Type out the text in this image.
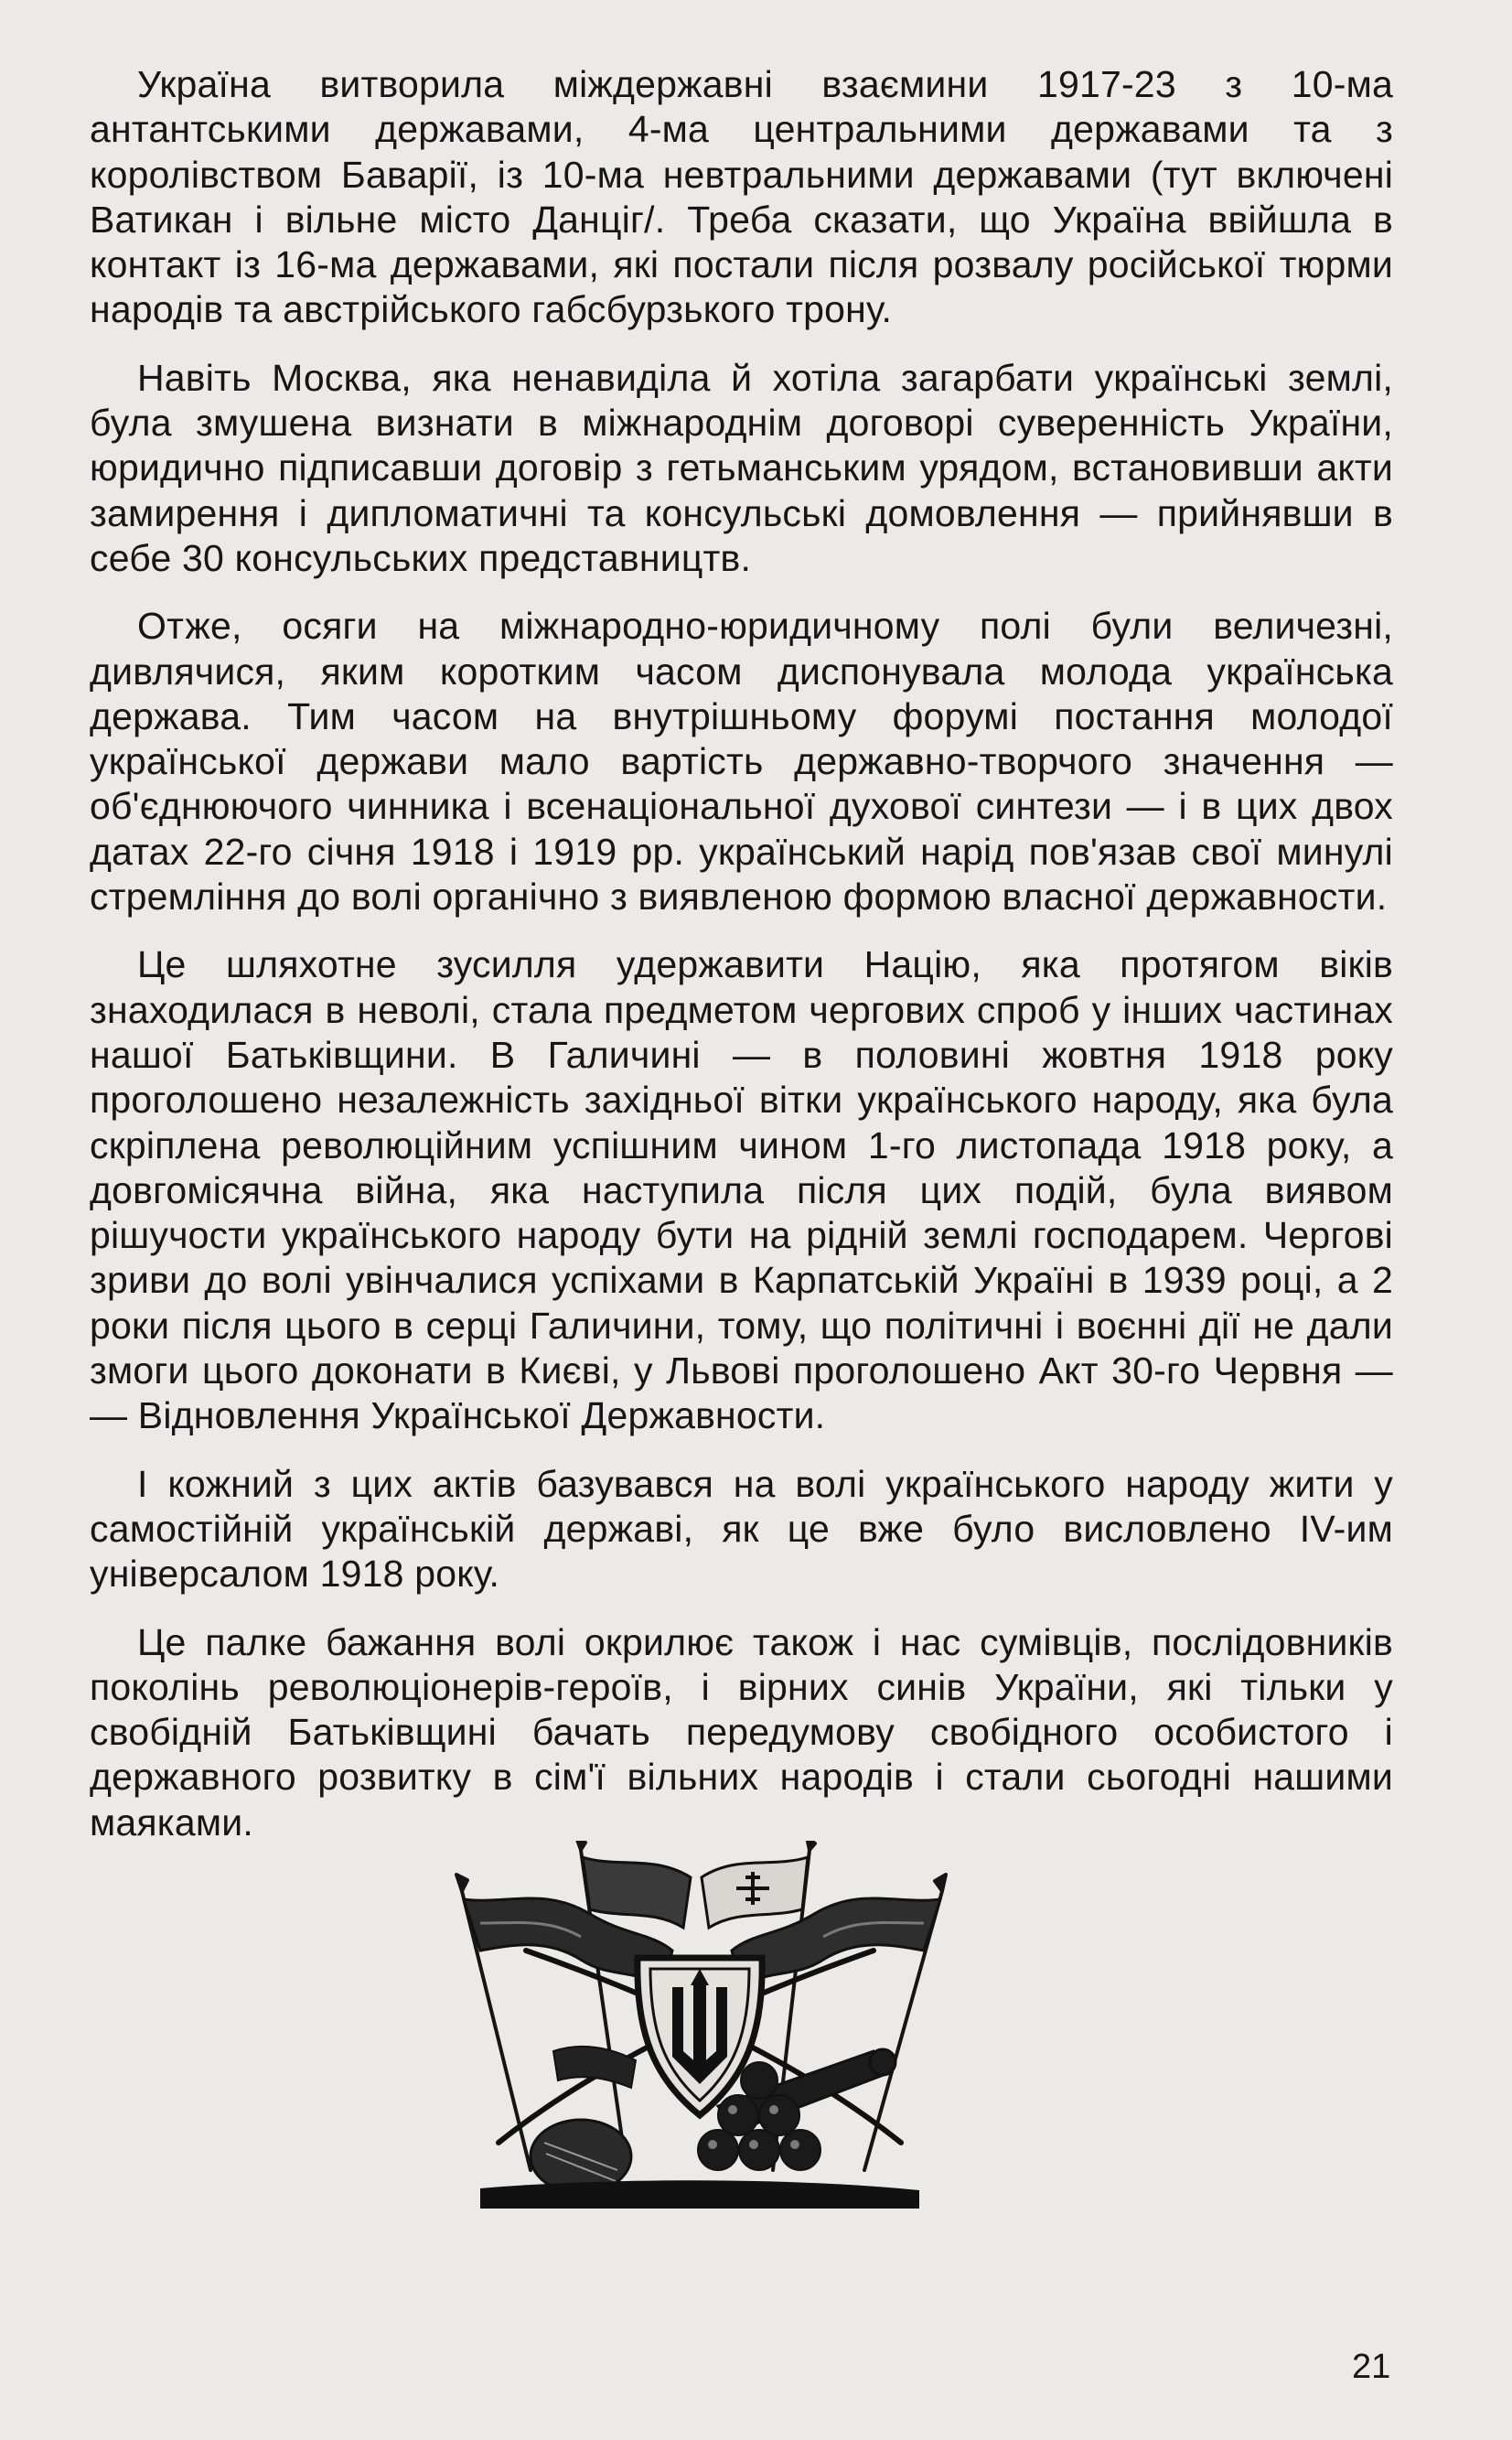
Україна витворила міждержавні взаємини 1917-23 з 10-ма антантськими державами, 4-ма центральними державами та з королівством Баварії, із 10-ма невтральними державами (тут включені Ватикан і вільне місто Данціг/. Треба сказати, що Україна ввійшла в контакт із 16-ма державами, які постали після розвалу російської тюрми народів та австрійського габсбурзького трону.

Навіть Москва, яка ненавиділа й хотіла загарбати українські землі, була змушена визнати в міжнароднім договорі суверенність України, юридично підписавши договір з гетьманським урядом, встановивши акти замирення і дипломатичні та консульські домовлення — прийнявши в себе 30 консульських представництв.

Отже, осяги на міжнародно-юридичному полі були величезні, дивлячися, яким коротким часом диспонувала молода українська держава. Тим часом на внутрішньому форумі постання молодої української держави мало вартість державно-творчого значення — об'єднюючого чинника і всенаціональної духової синтези — і в цих двох датах 22-го січня 1918 і 1919 рр. український нарід пов'язав свої минулі стремління до волі органічно з виявленою формою власної державности.

Це шляхотне зусилля удержавити Націю, яка протягом віків знаходилася в неволі, стала предметом чергових спроб у інших частинах нашої Батьківщини. В Галичині — в половині жовтня 1918 року проголошено незалежність західньої вітки українського народу, яка була скріплена революційним успішним чином 1-го листопада 1918 року, а довгомісячна війна, яка наступила після цих подій, була виявом рішучости українського народу бути на рідній землі господарем. Чергові зриви до волі увінчалися успіхами в Карпатській Україні в 1939 році, а 2 роки після цього в серці Галичини, тому, що політичні і воєнні дії не дали змоги цього доконати в Києві, у Львові проголошено Акт 30-го Червня — — Відновлення Української Державности.

І кожний з цих актів базувався на волі українського народу жити у самостійній українській державі, як це вже було висловлено IV-им універсалом 1918 року.

Це палке бажання волі окрилює також і нас сумівців, послідовників поколінь революціонерів-героїв, і вірних синів України, які тільки у свобідній Батьківщині бачать передумову свобідного особистого і державного розвитку в сім'ї вільних народів і стали сьогодні нашими маяками.

21
